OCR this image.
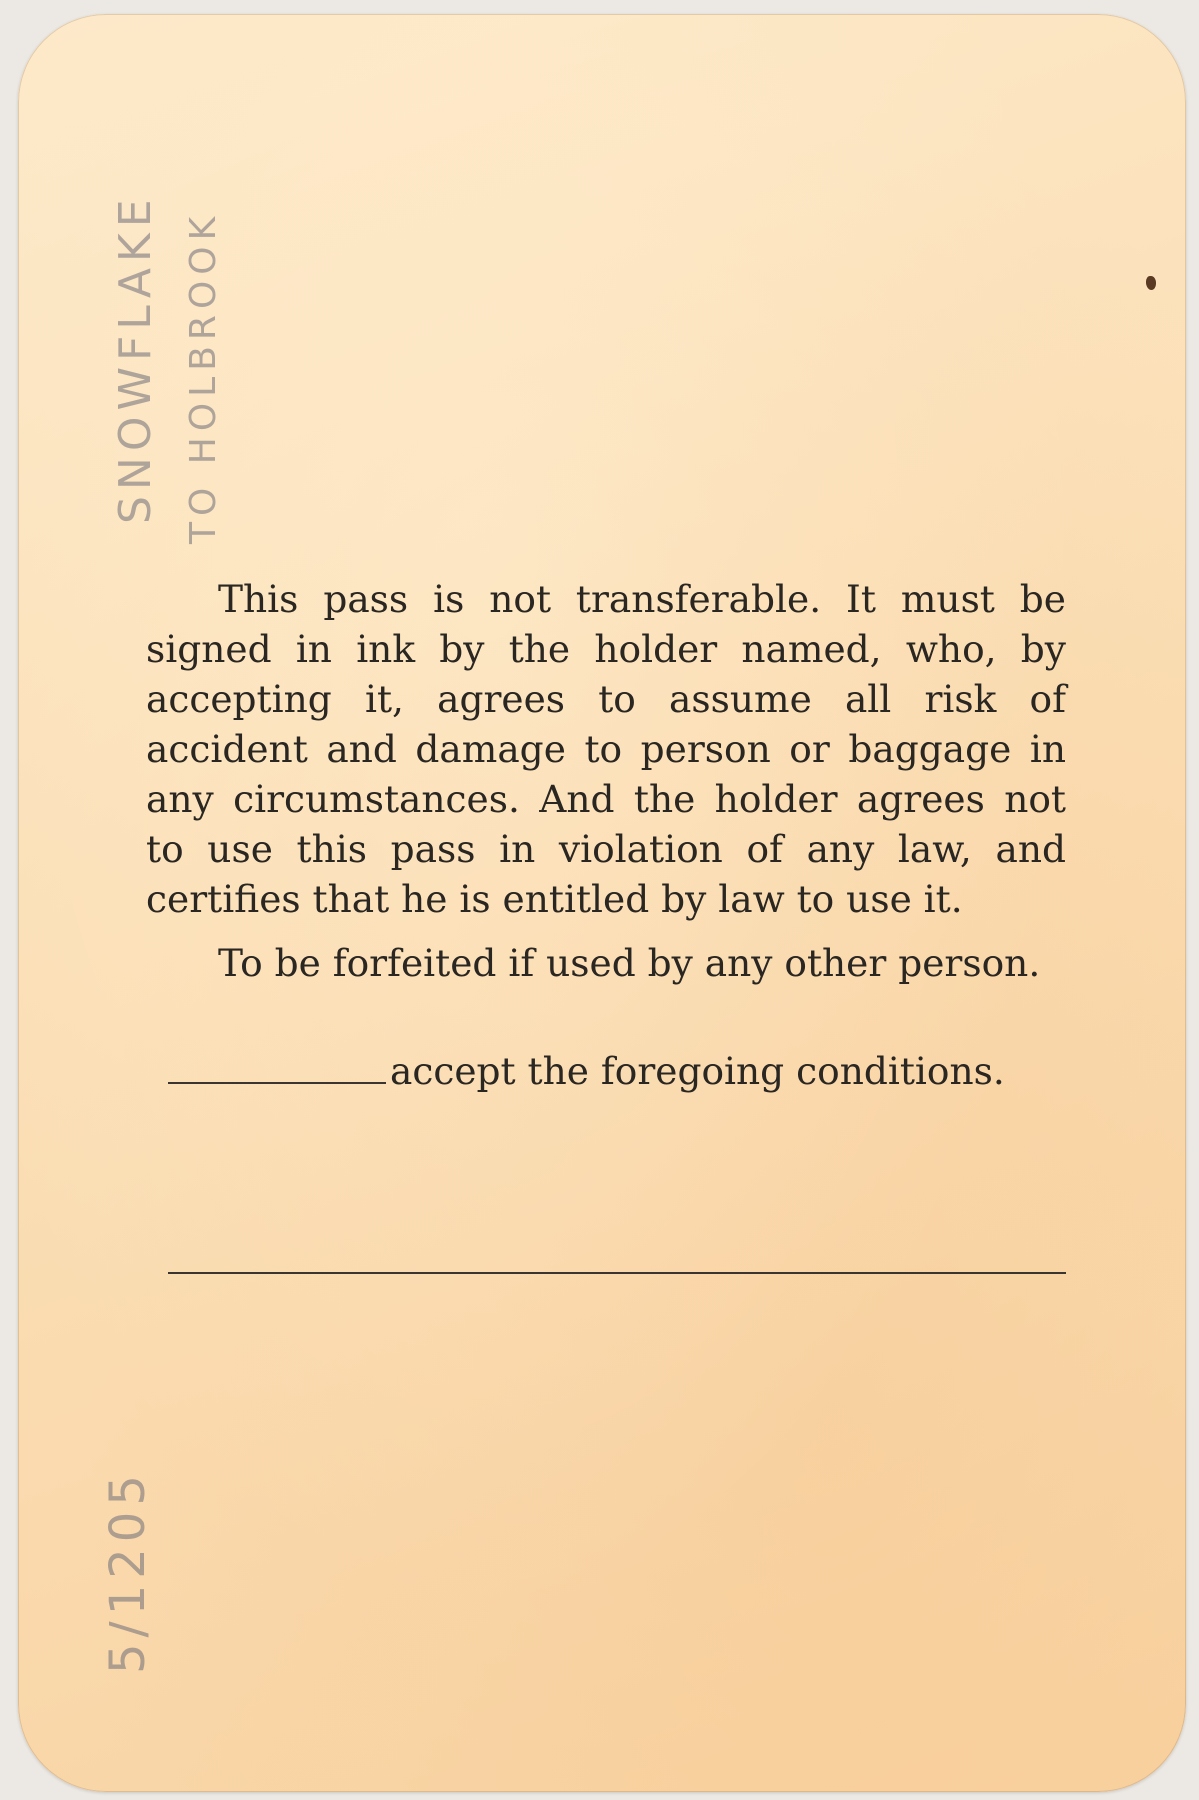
SNOWFLAKE TO HOLBROOK
5/1205

This pass is not transferable. It must be signed in ink by the holder named, who, by accepting it, agrees to assume all risk of accident and damage to person or baggage in any circumstances. And the holder agrees not to use this pass in violation of any law, and certifies that he is entitled by law to use it.

To be forfeited if used by any other person.

accept the foregoing conditions.
